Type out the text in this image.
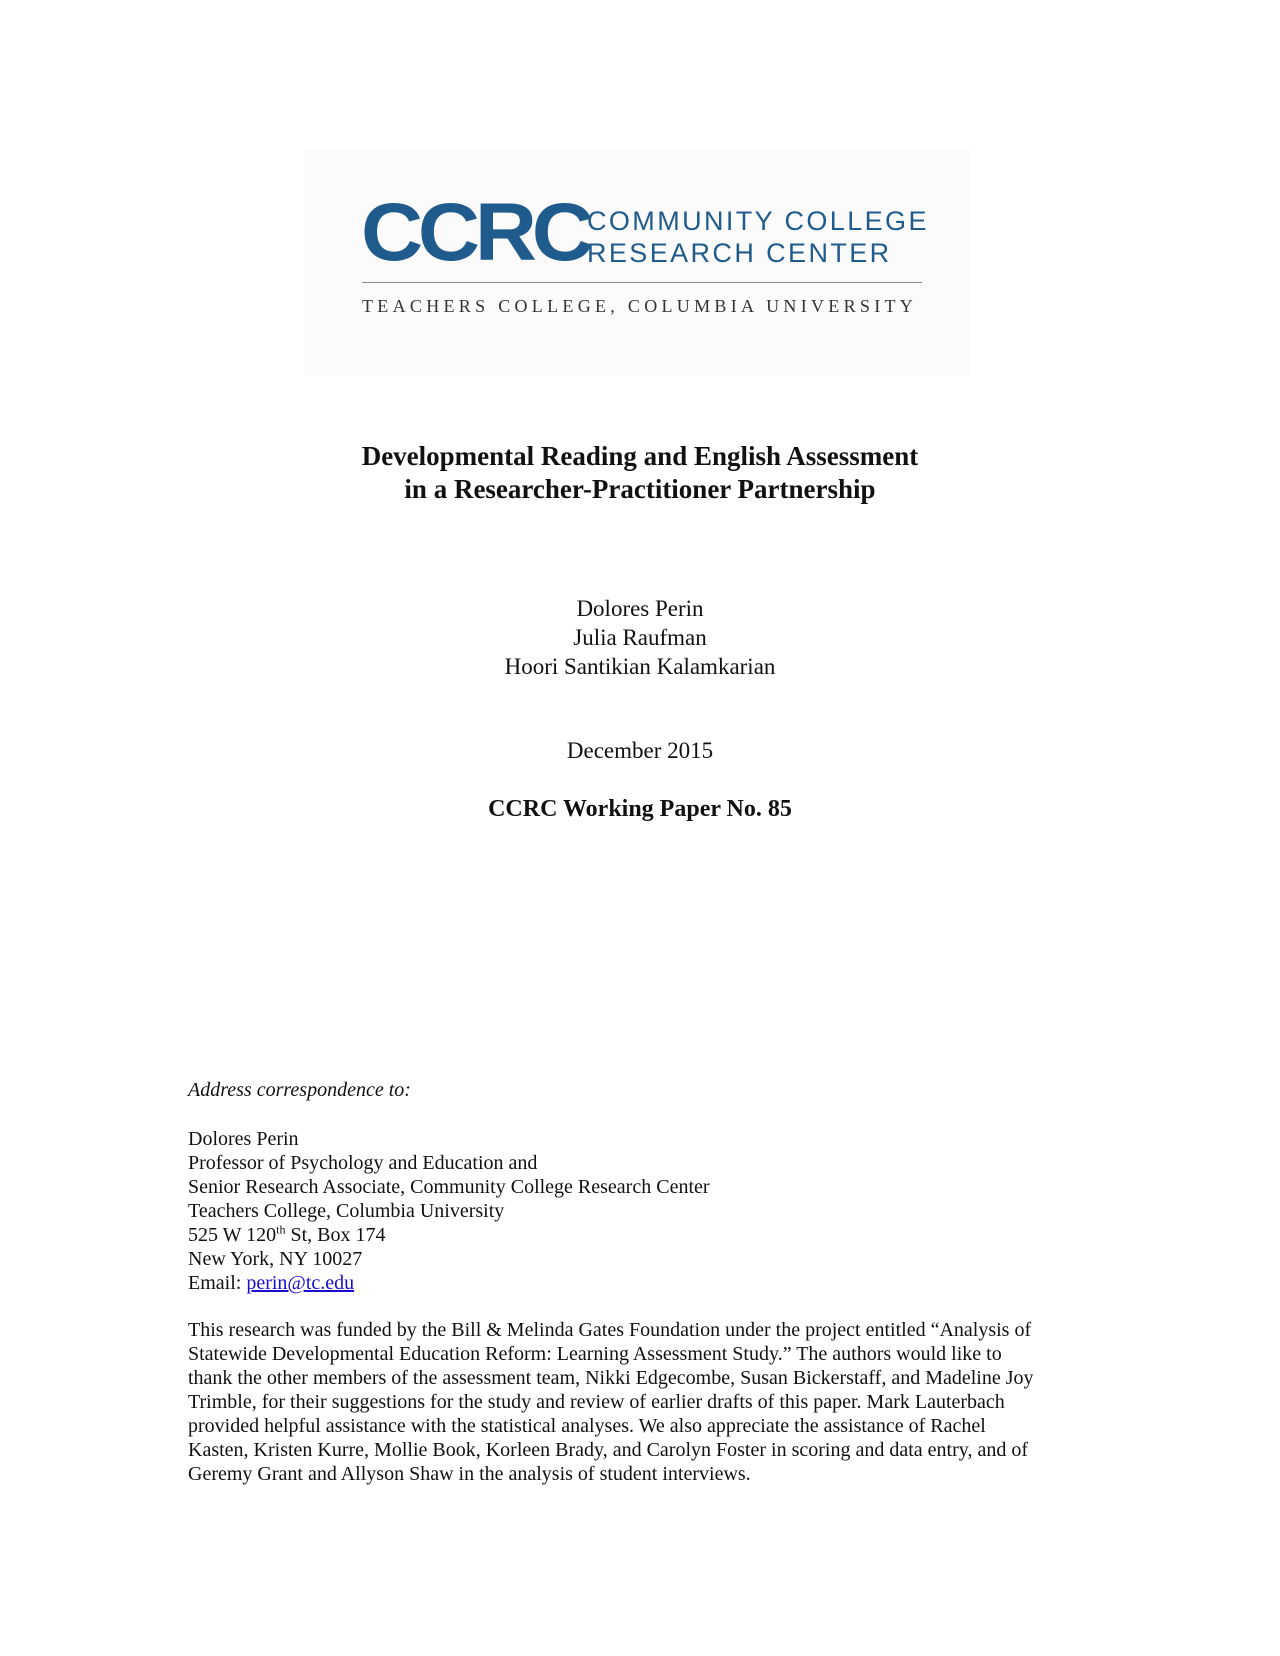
CCRC
COMMUNITY COLLEGE
RESEARCH CENTER
TEACHERS COLLEGE, COLUMBIA UNIVERSITY
Developmental Reading and English Assessment
in a Researcher-Practitioner Partnership
Dolores Perin
Julia Raufman
Hoori Santikian Kalamkarian
December 2015
CCRC Working Paper No. 85
Address correspondence to:
Dolores Perin
Professor of Psychology and Education and
Senior Research Associate, Community College Research Center
Teachers College, Columbia University
525 W 120th St, Box 174
New York, NY 10027
Email: perin@tc.edu
This research was funded by the Bill & Melinda Gates Foundation under the project entitled “Analysis of
Statewide Developmental Education Reform: Learning Assessment Study.” The authors would like to
thank the other members of the assessment team, Nikki Edgecombe, Susan Bickerstaff, and Madeline Joy
Trimble, for their suggestions for the study and review of earlier drafts of this paper. Mark Lauterbach
provided helpful assistance with the statistical analyses. We also appreciate the assistance of Rachel
Kasten, Kristen Kurre, Mollie Book, Korleen Brady, and Carolyn Foster in scoring and data entry, and of
Geremy Grant and Allyson Shaw in the analysis of student interviews.
